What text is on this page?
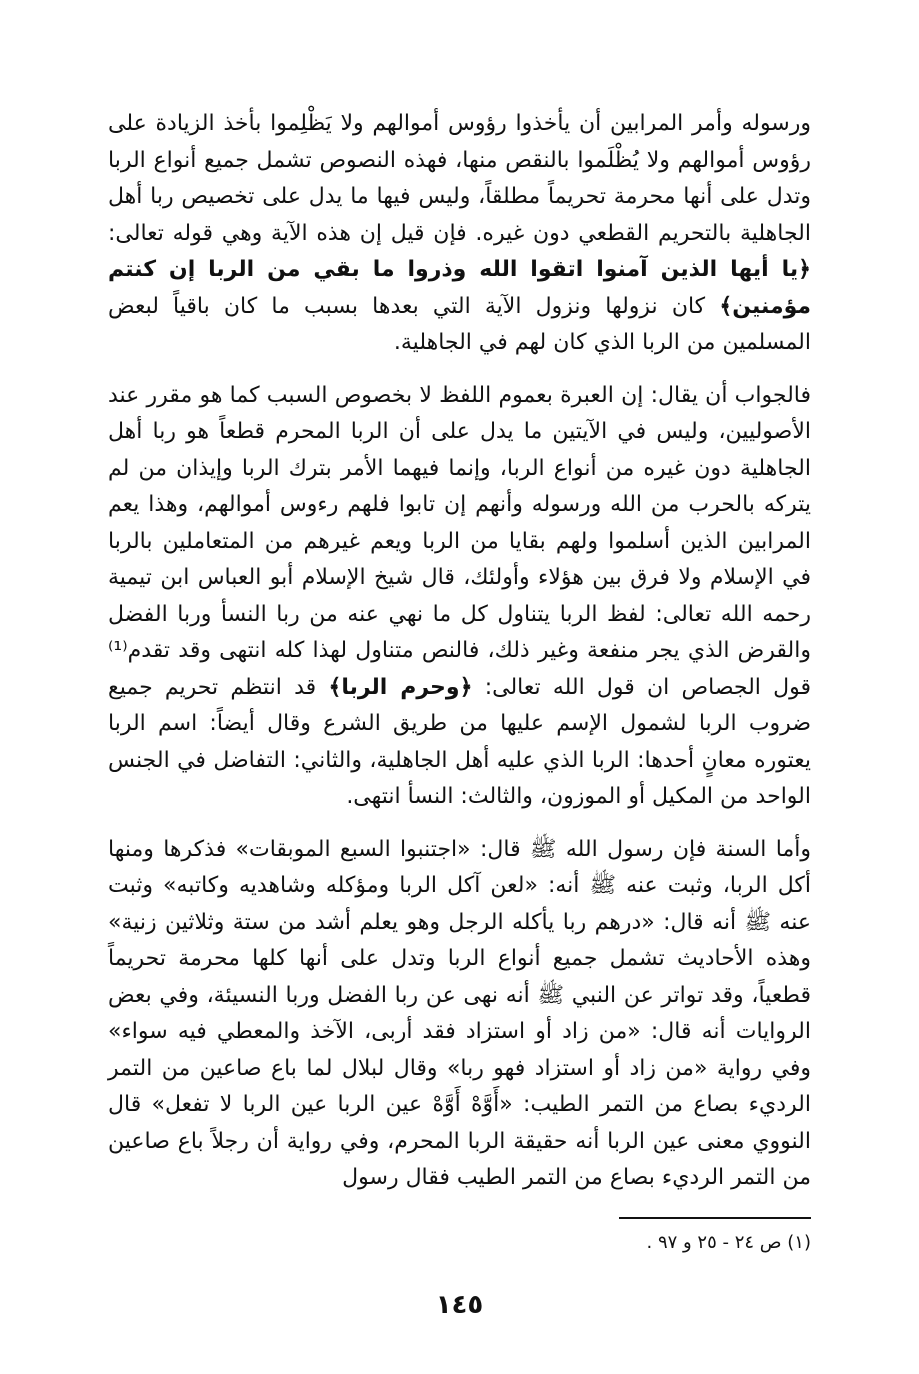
ورسوله وأمر المرابين أن يأخذوا رؤوس أموالهم ولا يَظْلِموا بأخذ الزيادة على رؤوس أموالهم ولا يُظْلَموا بالنقص منها، فهذه النصوص تشمل جميع أنواع الربا وتدل على أنها محرمة تحريماً مطلقاً، وليس فيها ما يدل على تخصيص ربا أهل الجاهلية بالتحريم القطعي دون غيره. فإن قيل إن هذه الآية وهي قوله تعالى: ﴿يا أيها الذين آمنوا اتقوا الله وذروا ما بقي من الربا إن كنتم مؤمنين﴾ كان نزولها ونزول الآية التي بعدها بسبب ما كان باقياً لبعض المسلمين من الربا الذي كان لهم في الجاهلية.

فالجواب أن يقال: إن العبرة بعموم اللفظ لا بخصوص السبب كما هو مقرر عند الأصوليين، وليس في الآيتين ما يدل على أن الربا المحرم قطعاً هو ربا أهل الجاهلية دون غيره من أنواع الربا، وإنما فيهما الأمر بترك الربا وإيذان من لم يتركه بالحرب من الله ورسوله وأنهم إن تابوا فلهم رءوس أموالهم، وهذا يعم المرابين الذين أسلموا ولهم بقايا من الربا ويعم غيرهم من المتعاملين بالربا في الإسلام ولا فرق بين هؤلاء وأولئك، قال شيخ الإسلام أبو العباس ابن تيمية رحمه الله تعالى: لفظ الربا يتناول كل ما نهي عنه من ربا النسأ وربا الفضل والقرض الذي يجر منفعة وغير ذلك، فالنص متناول لهذا كله انتهى وقد تقدم⁽¹⁾ قول الجصاص ان قول الله تعالى: ﴿وحرم الربا﴾ قد انتظم تحريم جميع ضروب الربا لشمول الإسم عليها من طريق الشرع وقال أيضاً: اسم الربا يعتوره معانٍ أحدها: الربا الذي عليه أهل الجاهلية، والثاني: التفاضل في الجنس الواحد من المكيل أو الموزون، والثالث: النسأ انتهى.

وأما السنة فإن رسول الله ﷺ قال: «اجتنبوا السبع الموبقات» فذكرها ومنها أكل الربا، وثبت عنه ﷺ أنه: «لعن آكل الربا ومؤكله وشاهديه وكاتبه» وثبت عنه ﷺ أنه قال: «درهم ربا يأكله الرجل وهو يعلم أشد من ستة وثلاثين زنية» وهذه الأحاديث تشمل جميع أنواع الربا وتدل على أنها كلها محرمة تحريماً قطعياً، وقد تواتر عن النبي ﷺ أنه نهى عن ربا الفضل وربا النسيئة، وفي بعض الروايات أنه قال: «من زاد أو استزاد فقد أربى، الآخذ والمعطي فيه سواء» وفي رواية «من زاد أو استزاد فهو ربا» وقال لبلال لما باع صاعين من التمر الرديء بصاع من التمر الطيب: «أَوَّهْ أَوَّهْ عين الربا عين الربا لا تفعل» قال النووي معنى عين الربا أنه حقيقة الربا المحرم، وفي رواية أن رجلاً باع صاعين من التمر الرديء بصاع من التمر الطيب فقال رسول

(١) ص ٢٤ - ٢٥ و ٩٧ .
١٤٥
